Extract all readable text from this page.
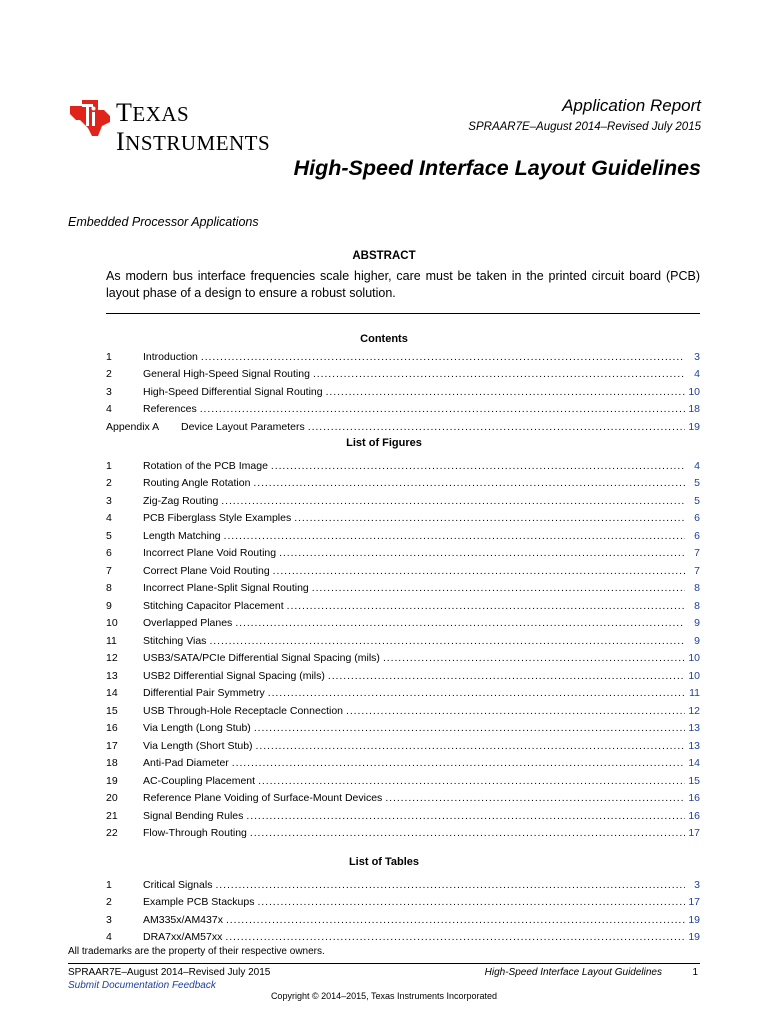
TEXAS
INSTRUMENTS
Application Report
SPRAAR7E–August 2014–Revised July 2015
High-Speed Interface Layout Guidelines
Embedded Processor Applications
ABSTRACT
As modern bus interface frequencies scale higher, care must be taken in the printed circuit board (PCB) layout phase of a design to ensure a robust solution.
Contents
1	Introduction . . .	3
2	General High-Speed Signal Routing . . .	4
3	High-Speed Differential Signal Routing . . .	10
4	References . . .	18
Appendix A	Device Layout Parameters . . .	19
List of Figures
1	Rotation of the PCB Image . . .	4
2	Routing Angle Rotation . . .	5
3	Zig-Zag Routing . . .	5
4	PCB Fiberglass Style Examples . . .	6
5	Length Matching . . .	6
6	Incorrect Plane Void Routing . . .	7
7	Correct Plane Void Routing . . .	7
8	Incorrect Plane-Split Signal Routing . . .	8
9	Stitching Capacitor Placement . . .	8
10	Overlapped Planes . . .	9
11	Stitching Vias . . .	9
12	USB3/SATA/PCIe Differential Signal Spacing (mils) . . .	10
13	USB2 Differential Signal Spacing (mils) . . .	10
14	Differential Pair Symmetry . . .	11
15	USB Through-Hole Receptacle Connection . . .	12
16	Via Length (Long Stub) . . .	13
17	Via Length (Short Stub) . . .	13
18	Anti-Pad Diameter . . .	14
19	AC-Coupling Placement . . .	15
20	Reference Plane Voiding of Surface-Mount Devices . . .	16
21	Signal Bending Rules . . .	16
22	Flow-Through Routing . . .	17
List of Tables
1	Critical Signals . . .	3
2	Example PCB Stackups . . .	17
3	AM335x/AM437x . . .	19
4	DRA7xx/AM57xx . . .	19
All trademarks are the property of their respective owners.
SPRAAR7E–August 2014–Revised July 2015
Submit Documentation Feedback
High-Speed Interface Layout Guidelines	1
Copyright © 2014–2015, Texas Instruments Incorporated
